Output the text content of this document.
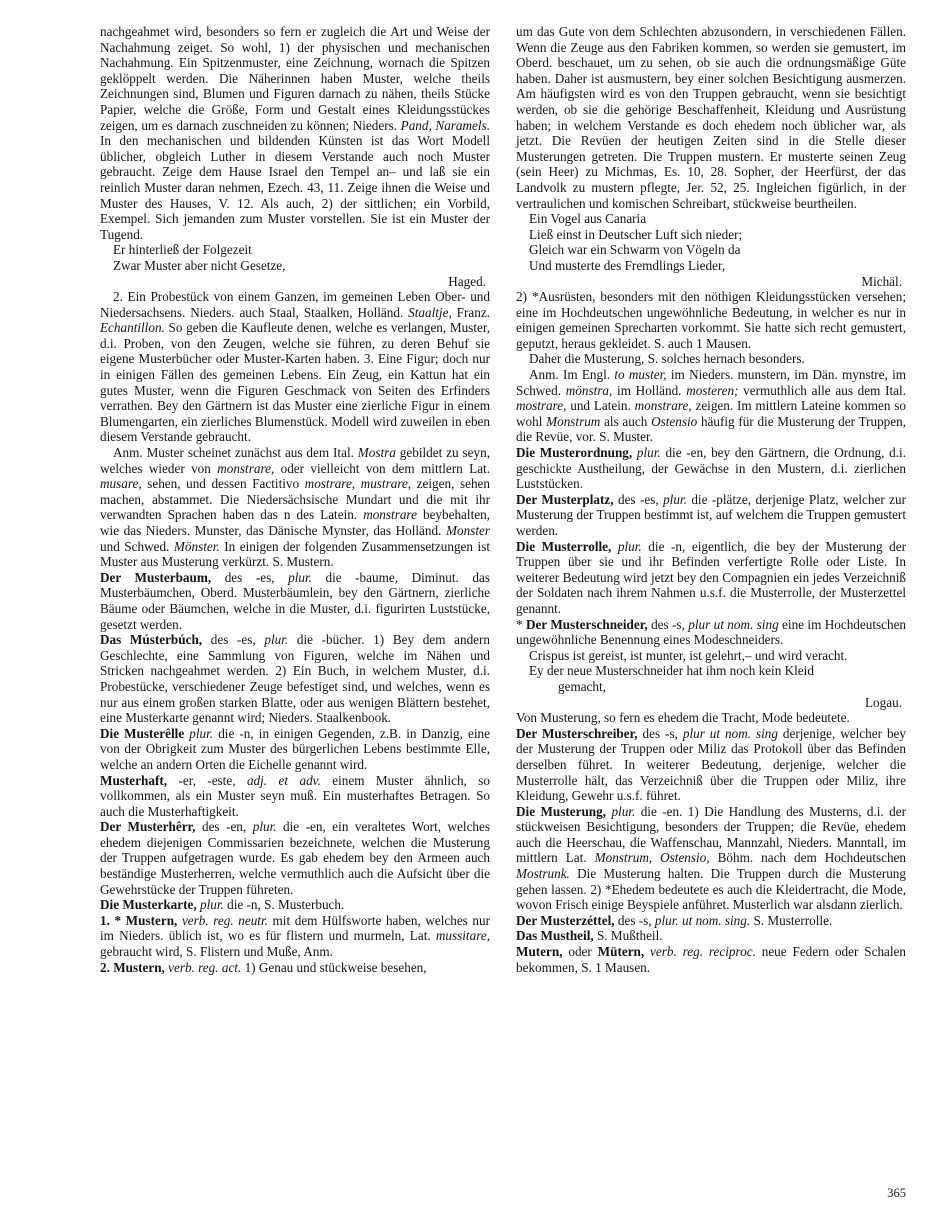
nachgeahmet wird, besonders so fern er zugleich die Art und Weise der Nachahmung zeiget. So wohl, 1) der physischen und mechanischen Nachahmung. Ein Spitzenmuster, eine Zeichnung, wornach die Spitzen geklöppelt werden. Die Näherinnen haben Muster, welche theils Zeichnungen sind, Blumen und Figuren darnach zu nähen, theils Stücke Papier, welche die Größe, Form und Gestalt eines Kleidungsstückes zeigen, um es darnach zuschneiden zu können; Nieders. Pand, Naramels. In den mechanischen und bildenden Künsten ist das Wort Modell üblicher, obgleich Luther in diesem Verstande auch noch Muster gebraucht. Zeige dem Hause Israel den Tempel an– und laß sie ein reinlich Muster daran nehmen, Ezech. 43, 11. Zeige ihnen die Weise und Muster des Hauses, V. 12. Als auch, 2) der sittlichen; ein Vorbild, Exempel. Sich jemanden zum Muster vorstellen. Sie ist ein Muster der Tugend.
Er hinterließ der Folgezeit
Zwar Muster aber nicht Gesetze,
Haged.
2. Ein Probestück von einem Ganzen, im gemeinen Leben Ober- und Niedersachsens. Nieders. auch Staal, Staalken, Holländ. Staaltje, Franz. Echantillon. So geben die Kaufleute denen, welche es verlangen, Muster, d.i. Proben, von den Zeugen, welche sie führen, zu deren Behuf sie eigene Musterbücher oder Muster-Karten haben. 3. Eine Figur; doch nur in einigen Fällen des gemeinen Lebens. Ein Zeug, ein Kattun hat ein gutes Muster, wenn die Figuren Geschmack von Seiten des Erfinders verrathen. Bey den Gärtnern ist das Muster eine zierliche Figur in einem Blumengarten, ein zierliches Blumenstück. Modell wird zuweilen in eben diesem Verstande gebraucht.
Anm. Muster scheinet zunächst aus dem Ital. Mostra gebildet zu seyn, welches wieder von monstrare, oder vielleicht von dem mittlern Lat. musare, sehen, und dessen Factitivo mostrare, mustrare, zeigen, sehen machen, abstammet. Die Niedersächsische Mundart und die mit ihr verwandten Sprachen haben das n des Latein. monstrare beybehalten, wie das Nieders. Munster, das Dänische Mynster, das Holländ. Monster und Schwed. Mönster. In einigen der folgenden Zusammensetzungen ist Muster aus Musterung verkürzt. S. Mustern.
Der Musterbaum, des -es, plur. die -baume, Diminut. das Musterbäumchen, Oberd. Musterbäumlein, bey den Gärtnern, zierliche Bäume oder Bäumchen, welche in die Muster, d.i. figurirten Luststücke, gesetzt werden.
Das Músterbúch, des -es, plur. die -bücher. 1) Bey dem andern Geschlechte, eine Sammlung von Figuren, welche im Nähen und Stricken nachgeahmet werden. 2) Ein Buch, in welchem Muster, d.i. Probestücke, verschiedener Zeuge befestiget sind, und welches, wenn es nur aus einem großen starken Blatte, oder aus wenigen Blättern bestehet, eine Musterkarte genannt wird; Nieders. Staalkenbook.
Die Musterêlle plur. die -n, in einigen Gegenden, z.B. in Danzig, eine von der Obrigkeit zum Muster des bürgerlichen Lebens bestimmte Elle, welche an andern Orten die Eichelle genannt wird.
Musterhaft, -er, -este, adj. et adv. einem Muster ähnlich, so vollkommen, als ein Muster seyn muß. Ein musterhaftes Betragen. So auch die Musterhaftigkeit.
Der Musterhêrr, des -en, plur. die -en, ein veraltetes Wort, welches ehedem diejenigen Commissarien bezeichnete, welchen die Musterung der Truppen aufgetragen wurde. Es gab ehedem bey den Armeen auch beständige Musterherren, welche vermuthlich auch die Aufsicht über die Gewehrstücke der Truppen führeten.
Die Musterkarte, plur. die -n, S. Musterbuch.
1. * Mustern, verb. reg. neutr. mit dem Hülfsworte haben, welches nur im Nieders. üblich ist, wo es für flistern und murmeln, Lat. mussitare, gebraucht wird, S. Flistern und Muße, Anm.
2. Mustern, verb. reg. act. 1) Genau und stückweise besehen,
um das Gute von dem Schlechten abzusondern, in verschiedenen Fällen. Wenn die Zeuge aus den Fabriken kommen, so werden sie gemustert, im Oberd. beschauet, um zu sehen, ob sie auch die ordnungsmäßige Güte haben. Daher ist ausmustern, bey einer solchen Besichtigung ausmerzen. Am häufigsten wird es von den Truppen gebraucht, wenn sie besichtigt werden, ob sie die gehörige Beschaffenheit, Kleidung und Ausrüstung haben; in welchem Verstande es doch ehedem noch üblicher war, als jetzt. Die Revüen der heutigen Zeiten sind in die Stelle dieser Musterungen getreten. Die Truppen mustern. Er musterte seinen Zeug (sein Heer) zu Michmas, Es. 10, 28. Sopher, der Heerfürst, der das Landvolk zu mustern pflegte, Jer. 52, 25. Ingleichen figürlich, in der vertraulichen und komischen Schreibart, stückweise beurtheilen.
Ein Vogel aus Canaria
Ließ einst in Deutscher Luft sich nieder;
Gleich war ein Schwarm von Vögeln da
Und musterte des Fremdlings Lieder,
Michäl.
2) *Ausrüsten, besonders mit den nöthigen Kleidungsstücken versehen; eine im Hochdeutschen ungewöhnliche Bedeutung, in welcher es nur in einigen gemeinen Sprecharten vorkommt. Sie hatte sich recht gemustert, geputzt, heraus gekleidet. S. auch 1 Mausen.
Daher die Musterung, S. solches hernach besonders.
Anm. Im Engl. to muster, im Nieders. munstern, im Dän. mynstre, im Schwed. mönstra, im Holländ. mosteren; vermuthlich alle aus dem Ital. mostrare, und Latein. monstrare, zeigen. Im mittlern Lateine kommen so wohl Monstrum als auch Ostensio häufig für die Musterung der Truppen, die Revüe, vor. S. Muster.
Die Musterordnung, plur. die -en, bey den Gärtnern, die Ordnung, d.i. geschickte Austheilung, der Gewächse in den Mustern, d.i. zierlichen Luststücken.
Der Musterplatz, des -es, plur. die -plätze, derjenige Platz, welcher zur Musterung der Truppen bestimmt ist, auf welchem die Truppen gemustert werden.
Die Musterrolle, plur. die -n, eigentlich, die bey der Musterung der Truppen über sie und ihr Befinden verfertigte Rolle oder Liste. In weiterer Bedeutung wird jetzt bey den Compagnien ein jedes Verzeichniß der Soldaten nach ihrem Nahmen u.s.f. die Musterrolle, der Musterzettel genannt.
* Der Musterschneider, des -s, plur ut nom. sing eine im Hochdeutschen ungewöhnliche Benennung eines Modeschneiders.
Crispus ist gereist, ist munter, ist gelehrt,– und wird veracht.
Ey der neue Musterschneider hat ihm noch kein Kleid
gemacht,
Logau.
Von Musterung, so fern es ehedem die Tracht, Mode bedeutete.
Der Musterschreiber, des -s, plur ut nom. sing derjenige, welcher bey der Musterung der Truppen oder Miliz das Protokoll über das Befinden derselben führet. In weiterer Bedeutung, derjenige, welcher die Musterrolle hält, das Verzeichniß über die Truppen oder Miliz, ihre Kleidung, Gewehr u.s.f. führet.
Die Musterung, plur. die -en. 1) Die Handlung des Musterns, d.i. der stückweisen Besichtigung, besonders der Truppen; die Revüe, ehedem auch die Heerschau, die Waffenschau, Mannzahl, Nieders. Manntall, im mittlern Lat. Monstrum, Ostensio, Böhm. nach dem Hochdeutschen Mostrunk. Die Musterung halten. Die Truppen durch die Musterung gehen lassen. 2) *Ehedem bedeutete es auch die Kleidertracht, die Mode, wovon Frisch einige Beyspiele anführet. Musterlich war alsdann zierlich.
Der Musterzéttel, des -s, plur. ut nom. sing. S. Musterrolle.
Das Mustheil, S. Mußtheil.
Mutern, oder Mütern, verb. reg. reciproc. neue Federn oder Schalen bekommen, S. 1 Mausen.
365
